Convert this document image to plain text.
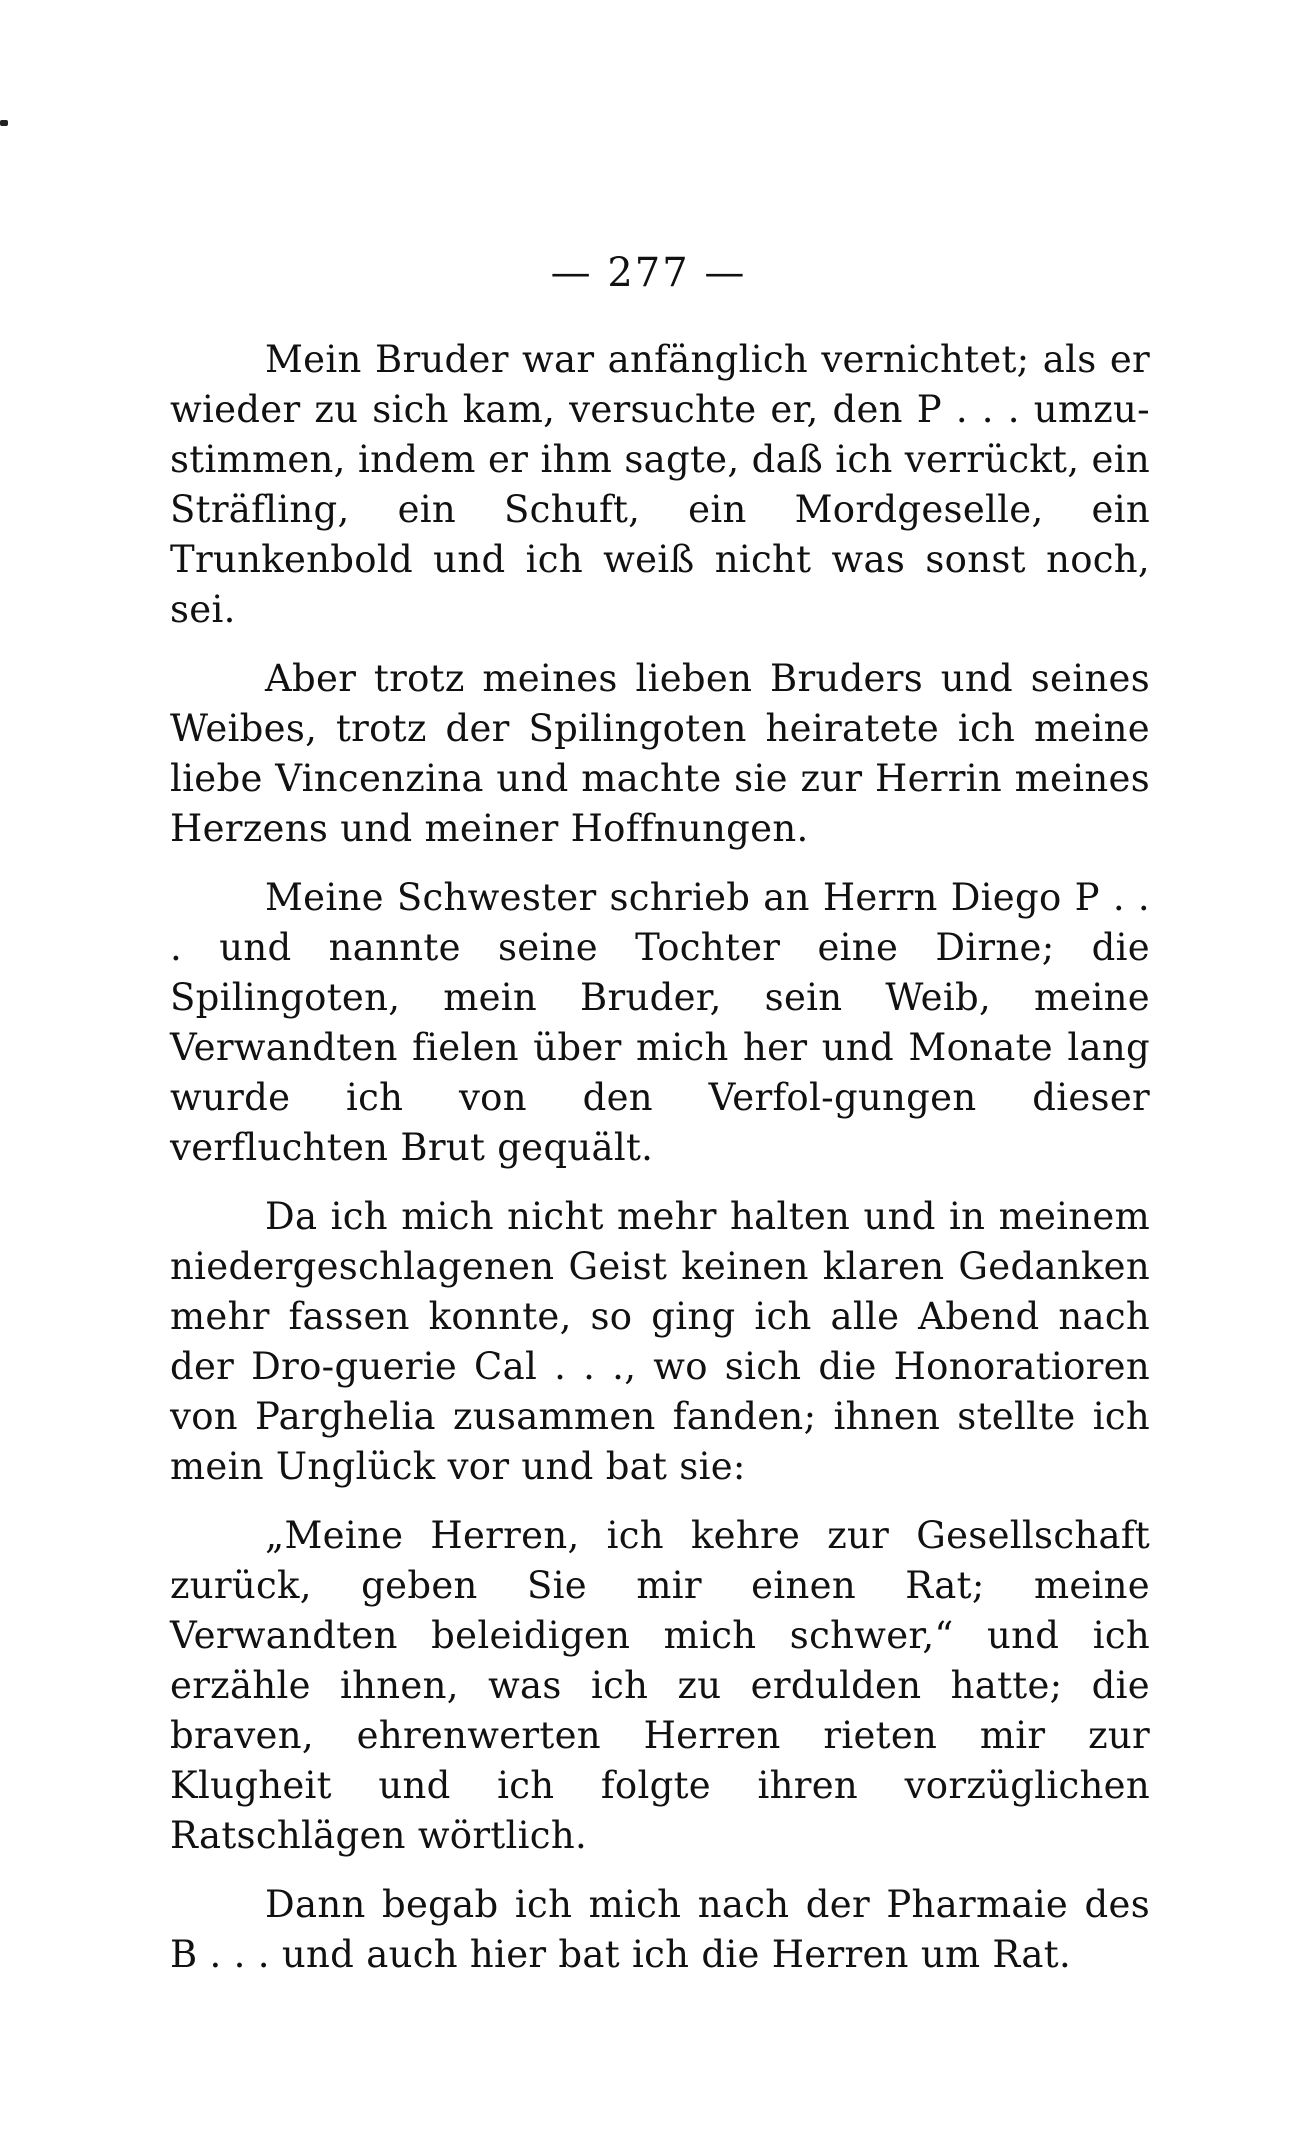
— 277 —

Mein Bruder war anfänglich vernichtet; als er wieder zu sich kam, versuchte er, den P . . . umzu-stimmen, indem er ihm sagte, daß ich verrückt, ein Sträfling, ein Schuft, ein Mordgeselle, ein Trunkenbold und ich weiß nicht was sonst noch, sei.

Aber trotz meines lieben Bruders und seines Weibes, trotz der Spilingoten heiratete ich meine liebe Vincenzina und machte sie zur Herrin meines Herzens und meiner Hoffnungen.

Meine Schwester schrieb an Herrn Diego P . . . und nannte seine Tochter eine Dirne; die Spilingoten, mein Bruder, sein Weib, meine Verwandten fielen über mich her und Monate lang wurde ich von den Verfol-gungen dieser verfluchten Brut gequält.

Da ich mich nicht mehr halten und in meinem niedergeschlagenen Geist keinen klaren Gedanken mehr fassen konnte, so ging ich alle Abend nach der Dro-guerie Cal . . ., wo sich die Honoratioren von Parghelia zusammen fanden; ihnen stellte ich mein Unglück vor und bat sie:

„Meine Herren, ich kehre zur Gesellschaft zurück, geben Sie mir einen Rat; meine Verwandten beleidigen mich schwer,“ und ich erzähle ihnen, was ich zu erdulden hatte; die braven, ehrenwerten Herren rieten mir zur Klugheit und ich folgte ihren vorzüglichen Ratschlägen wörtlich.

Dann begab ich mich nach der Pharmaie des B . . . und auch hier bat ich die Herren um Rat.
